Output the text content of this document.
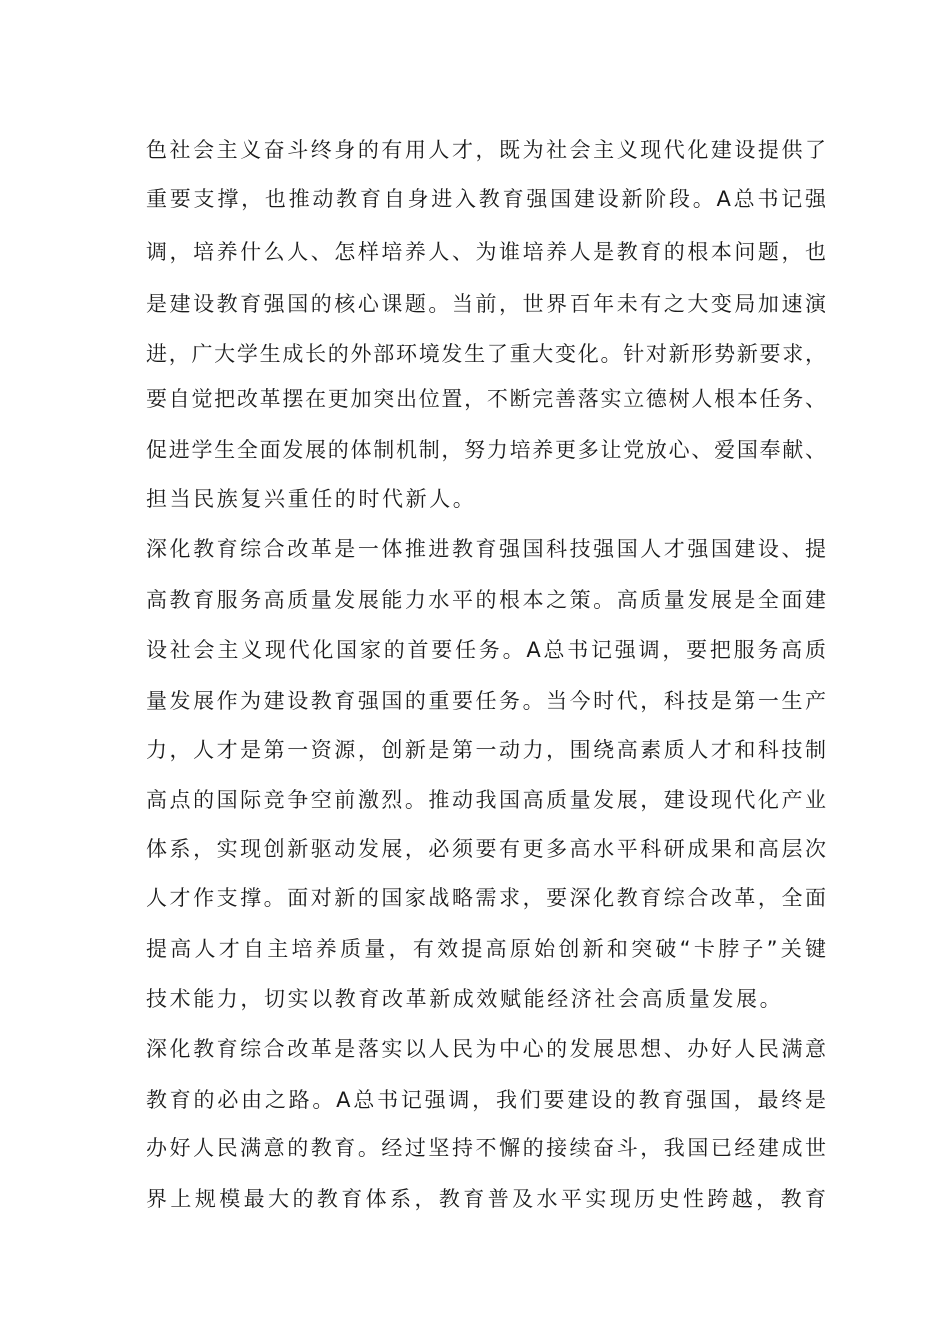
色社会主义奋斗终身的有用人才，既为社会主义现代化建设提供了
重要支撑，也推动教育自身进入教育强国建设新阶段。A总书记强
调，培养什么人、怎样培养人、为谁培养人是教育的根本问题，也
是建设教育强国的核心课题。当前，世界百年未有之大变局加速演
进，广大学生成长的外部环境发生了重大变化。针对新形势新要求，
要自觉把改革摆在更加突出位置，不断完善落实立德树人根本任务、
促进学生全面发展的体制机制，努力培养更多让党放心、爱国奉献、
担当民族复兴重任的时代新人。
深化教育综合改革是一体推进教育强国科技强国人才强国建设、提
高教育服务高质量发展能力水平的根本之策。高质量发展是全面建
设社会主义现代化国家的首要任务。A总书记强调，要把服务高质
量发展作为建设教育强国的重要任务。当今时代，科技是第一生产
力，人才是第一资源，创新是第一动力，围绕高素质人才和科技制
高点的国际竞争空前激烈。推动我国高质量发展，建设现代化产业
体系，实现创新驱动发展，必须要有更多高水平科研成果和高层次
人才作支撑。面对新的国家战略需求，要深化教育综合改革，全面
提高人才自主培养质量，有效提高原始创新和突破“卡脖子”关键
技术能力，切实以教育改革新成效赋能经济社会高质量发展。
深化教育综合改革是落实以人民为中心的发展思想、办好人民满意
教育的必由之路。A总书记强调，我们要建设的教育强国，最终是
办好人民满意的教育。经过坚持不懈的接续奋斗，我国已经建成世
界上规模最大的教育体系，教育普及水平实现历史性跨越，教育
